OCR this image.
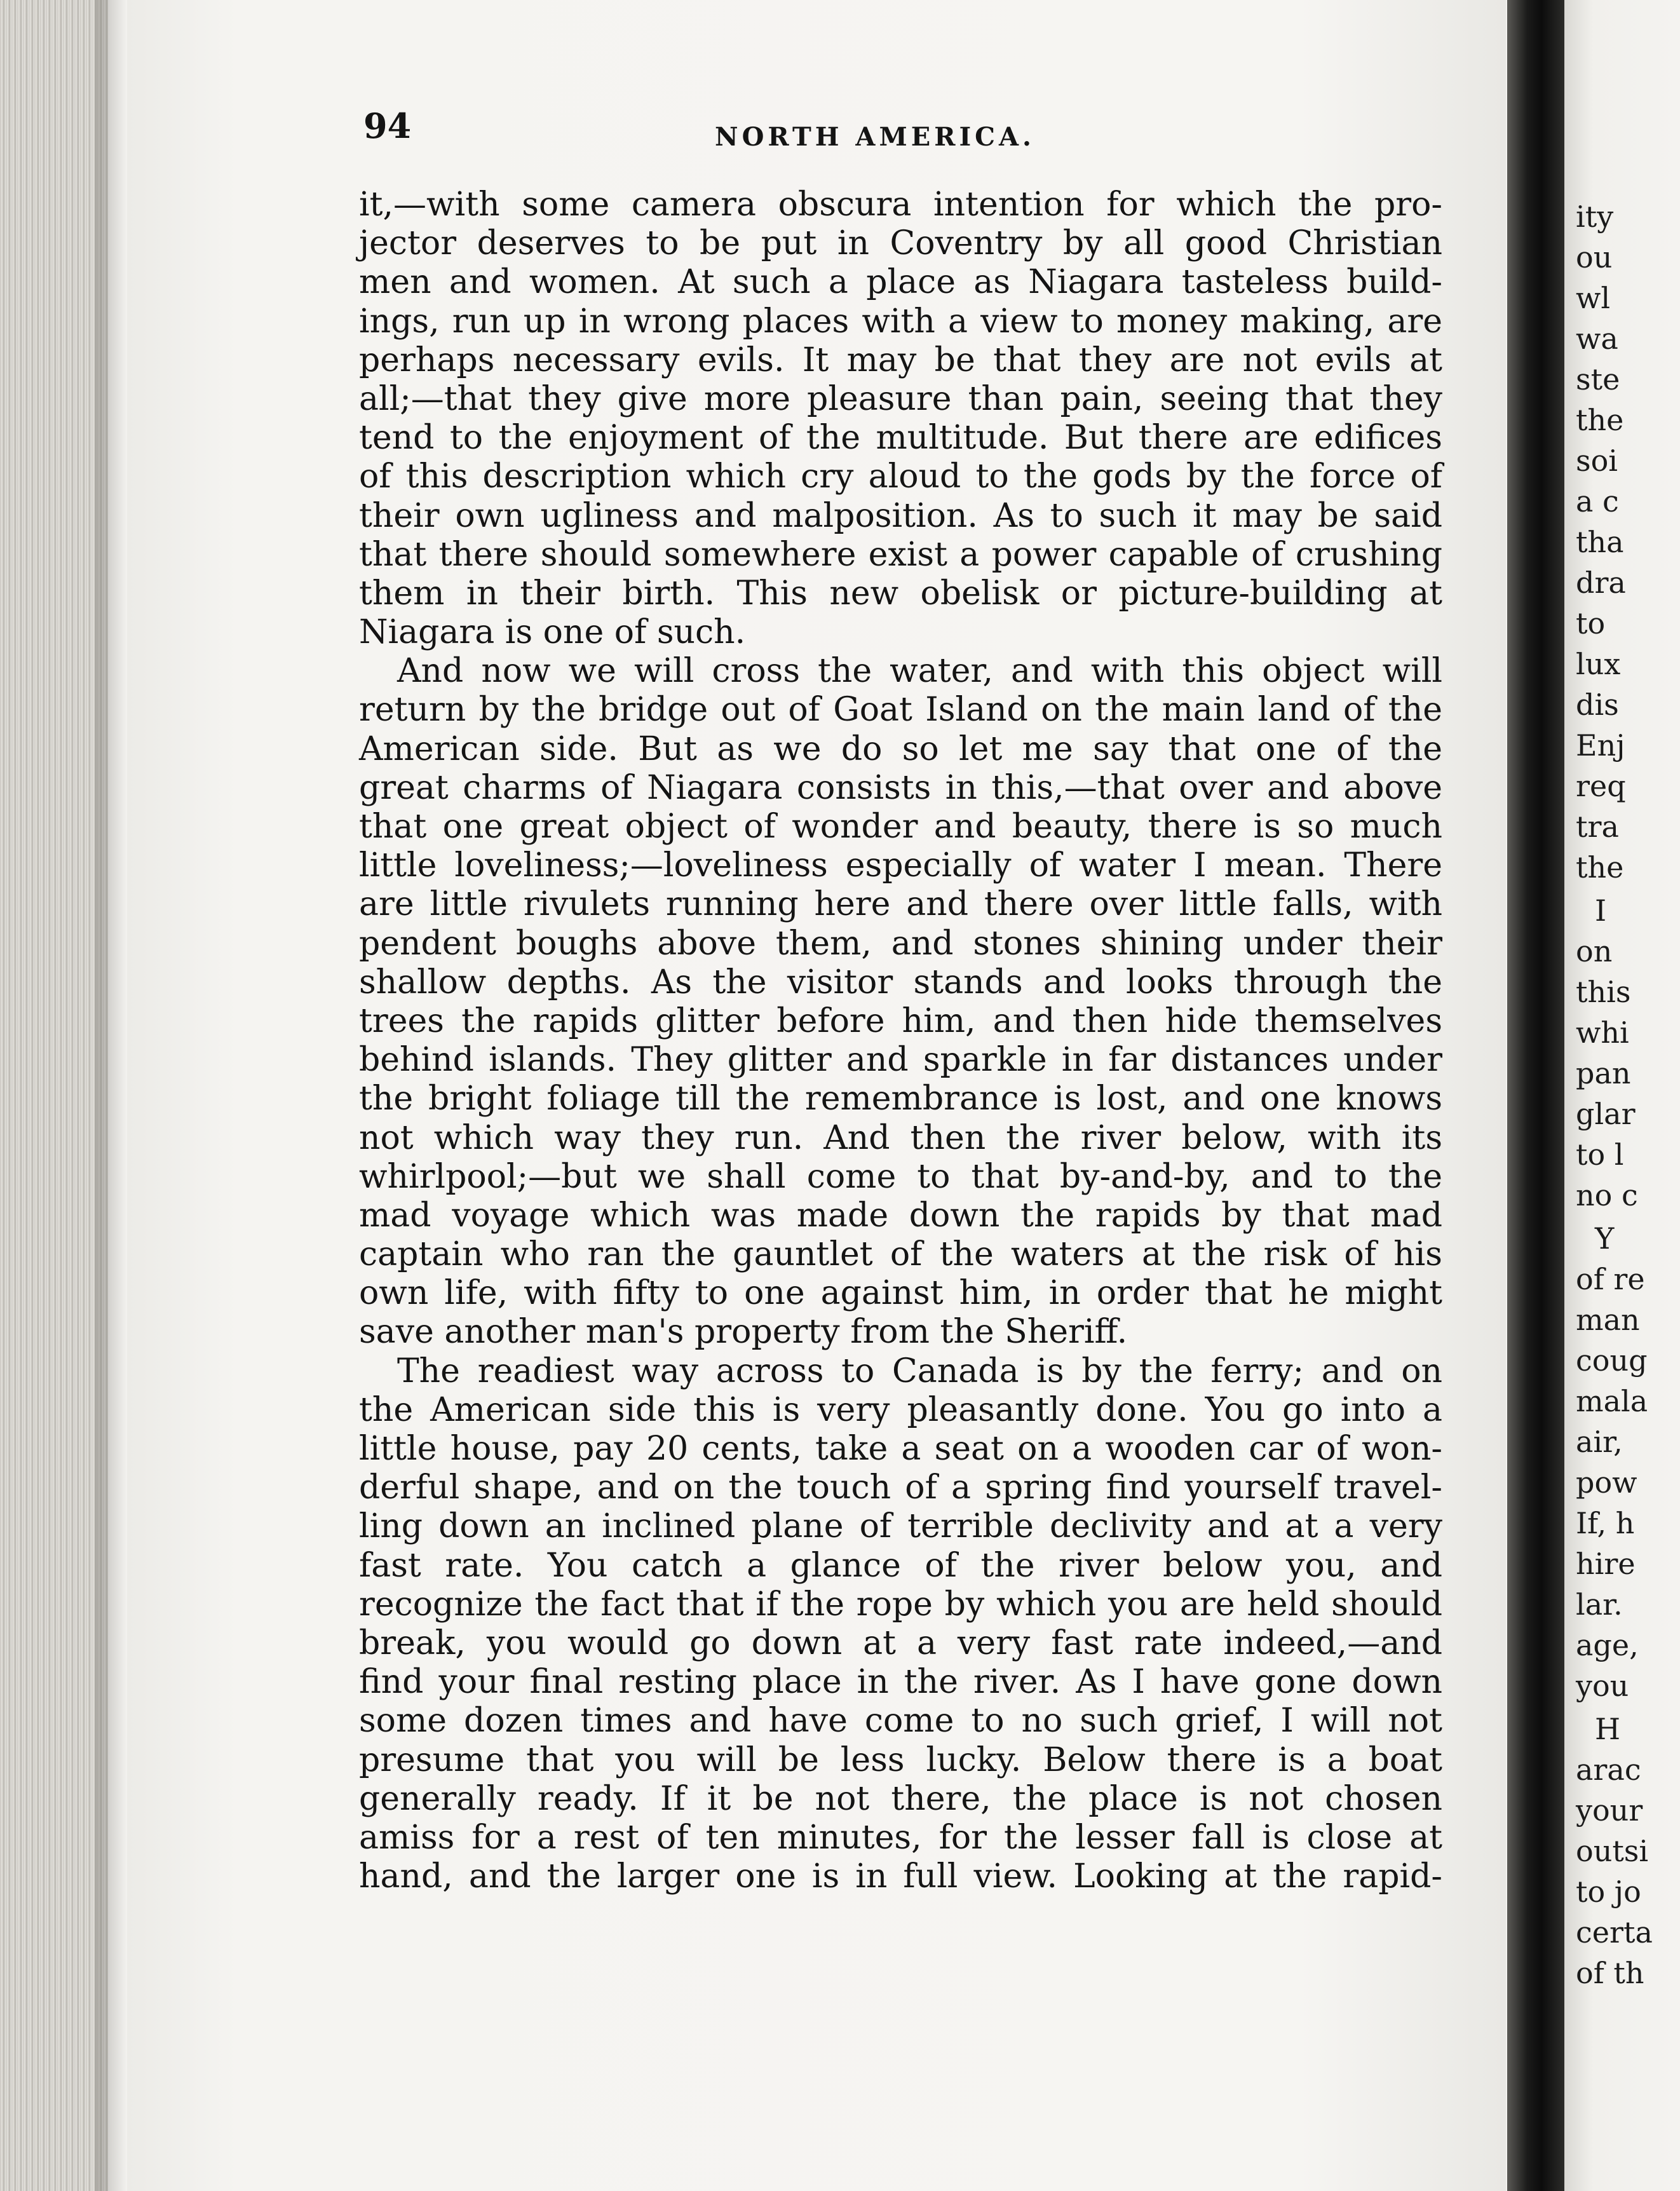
94	NORTH AMERICA.
it,—with some camera obscura intention for which the pro-
jector deserves to be put in Coventry by all good Christian
men and women. At such a place as Niagara tasteless build-
ings, run up in wrong places with a view to money making, are
perhaps necessary evils. It may be that they are not evils at
all;—that they give more pleasure than pain, seeing that they
tend to the enjoyment of the multitude. But there are edifices
of this description which cry aloud to the gods by the force of
their own ugliness and malposition. As to such it may be said
that there should somewhere exist a power capable of crushing
them in their birth. This new obelisk or picture-building at
Niagara is one of such.
And now we will cross the water, and with this object will
return by the bridge out of Goat Island on the main land of the
American side. But as we do so let me say that one of the
great charms of Niagara consists in this,—that over and above
that one great object of wonder and beauty, there is so much
little loveliness;—loveliness especially of water I mean. There
are little rivulets running here and there over little falls, with
pendent boughs above them, and stones shining under their
shallow depths. As the visitor stands and looks through the
trees the rapids glitter before him, and then hide themselves
behind islands. They glitter and sparkle in far distances under
the bright foliage till the remembrance is lost, and one knows
not which way they run. And then the river below, with its
whirlpool;—but we shall come to that by-and-by, and to the
mad voyage which was made down the rapids by that mad
captain who ran the gauntlet of the waters at the risk of his
own life, with fifty to one against him, in order that he might
save another man's property from the Sheriff.
The readiest way across to Canada is by the ferry; and on
the American side this is very pleasantly done. You go into a
little house, pay 20 cents, take a seat on a wooden car of won-
derful shape, and on the touch of a spring find yourself travel-
ling down an inclined plane of terrible declivity and at a very
fast rate. You catch a glance of the river below you, and
recognize the fact that if the rope by which you are held should
break, you would go down at a very fast rate indeed,—and
find your final resting place in the river. As I have gone down
some dozen times and have come to no such grief, I will not
presume that you will be less lucky. Below there is a boat
generally ready. If it be not there, the place is not chosen
amiss for a rest of ten minutes, for the lesser fall is close at
hand, and the larger one is in full view. Looking at the rapid-
ity
ou
wl
wa
ste
the
soi
a c
tha
dra
to
lux
dis
Enj
req
tra
the
I
on
this
whi
pan
glar
to l
no c
Y
of re
man
coug
mala
air,
pow
If, h
hire
lar.
age,
you
H
arac
your
outsi
to jo
certa
of th
